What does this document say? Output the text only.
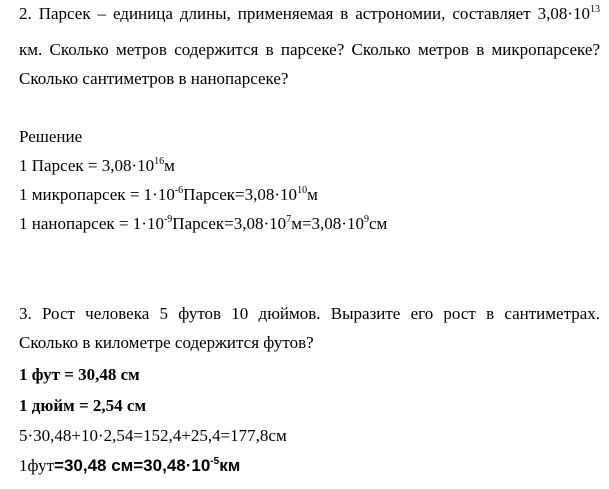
2. Парсек – единица длины, применяемая в астрономии, составляет $3,08\cdot 10^{13}$
км. Сколько метров содержится в парсеке? Сколько метров в микропарсеке?
Сколько сантиметров в нанопарсеке?
Решение
1 Парсек = $3,08\cdot 10^{16}м$
1 микропарсек = $1\cdot 10^{-6}Парсек=3,08\cdot 10^{10}м$
1 нанопарсек = $1\cdot 10^{-9}Парсек=3,08\cdot 10^7м=3,08\cdot 10^9см$
3. Рост человека 5 футов 10 дюймов. Выразите его рост в сантиметрах.
Сколько в километре содержится футов?
1 фут = 30,48 см
1 дюйм = 2,54 см
5·30,48+10·2,54=152,4+25,4=177,8см
1фут=30,48 $см=30,48\cdot 10^{-5}км$
